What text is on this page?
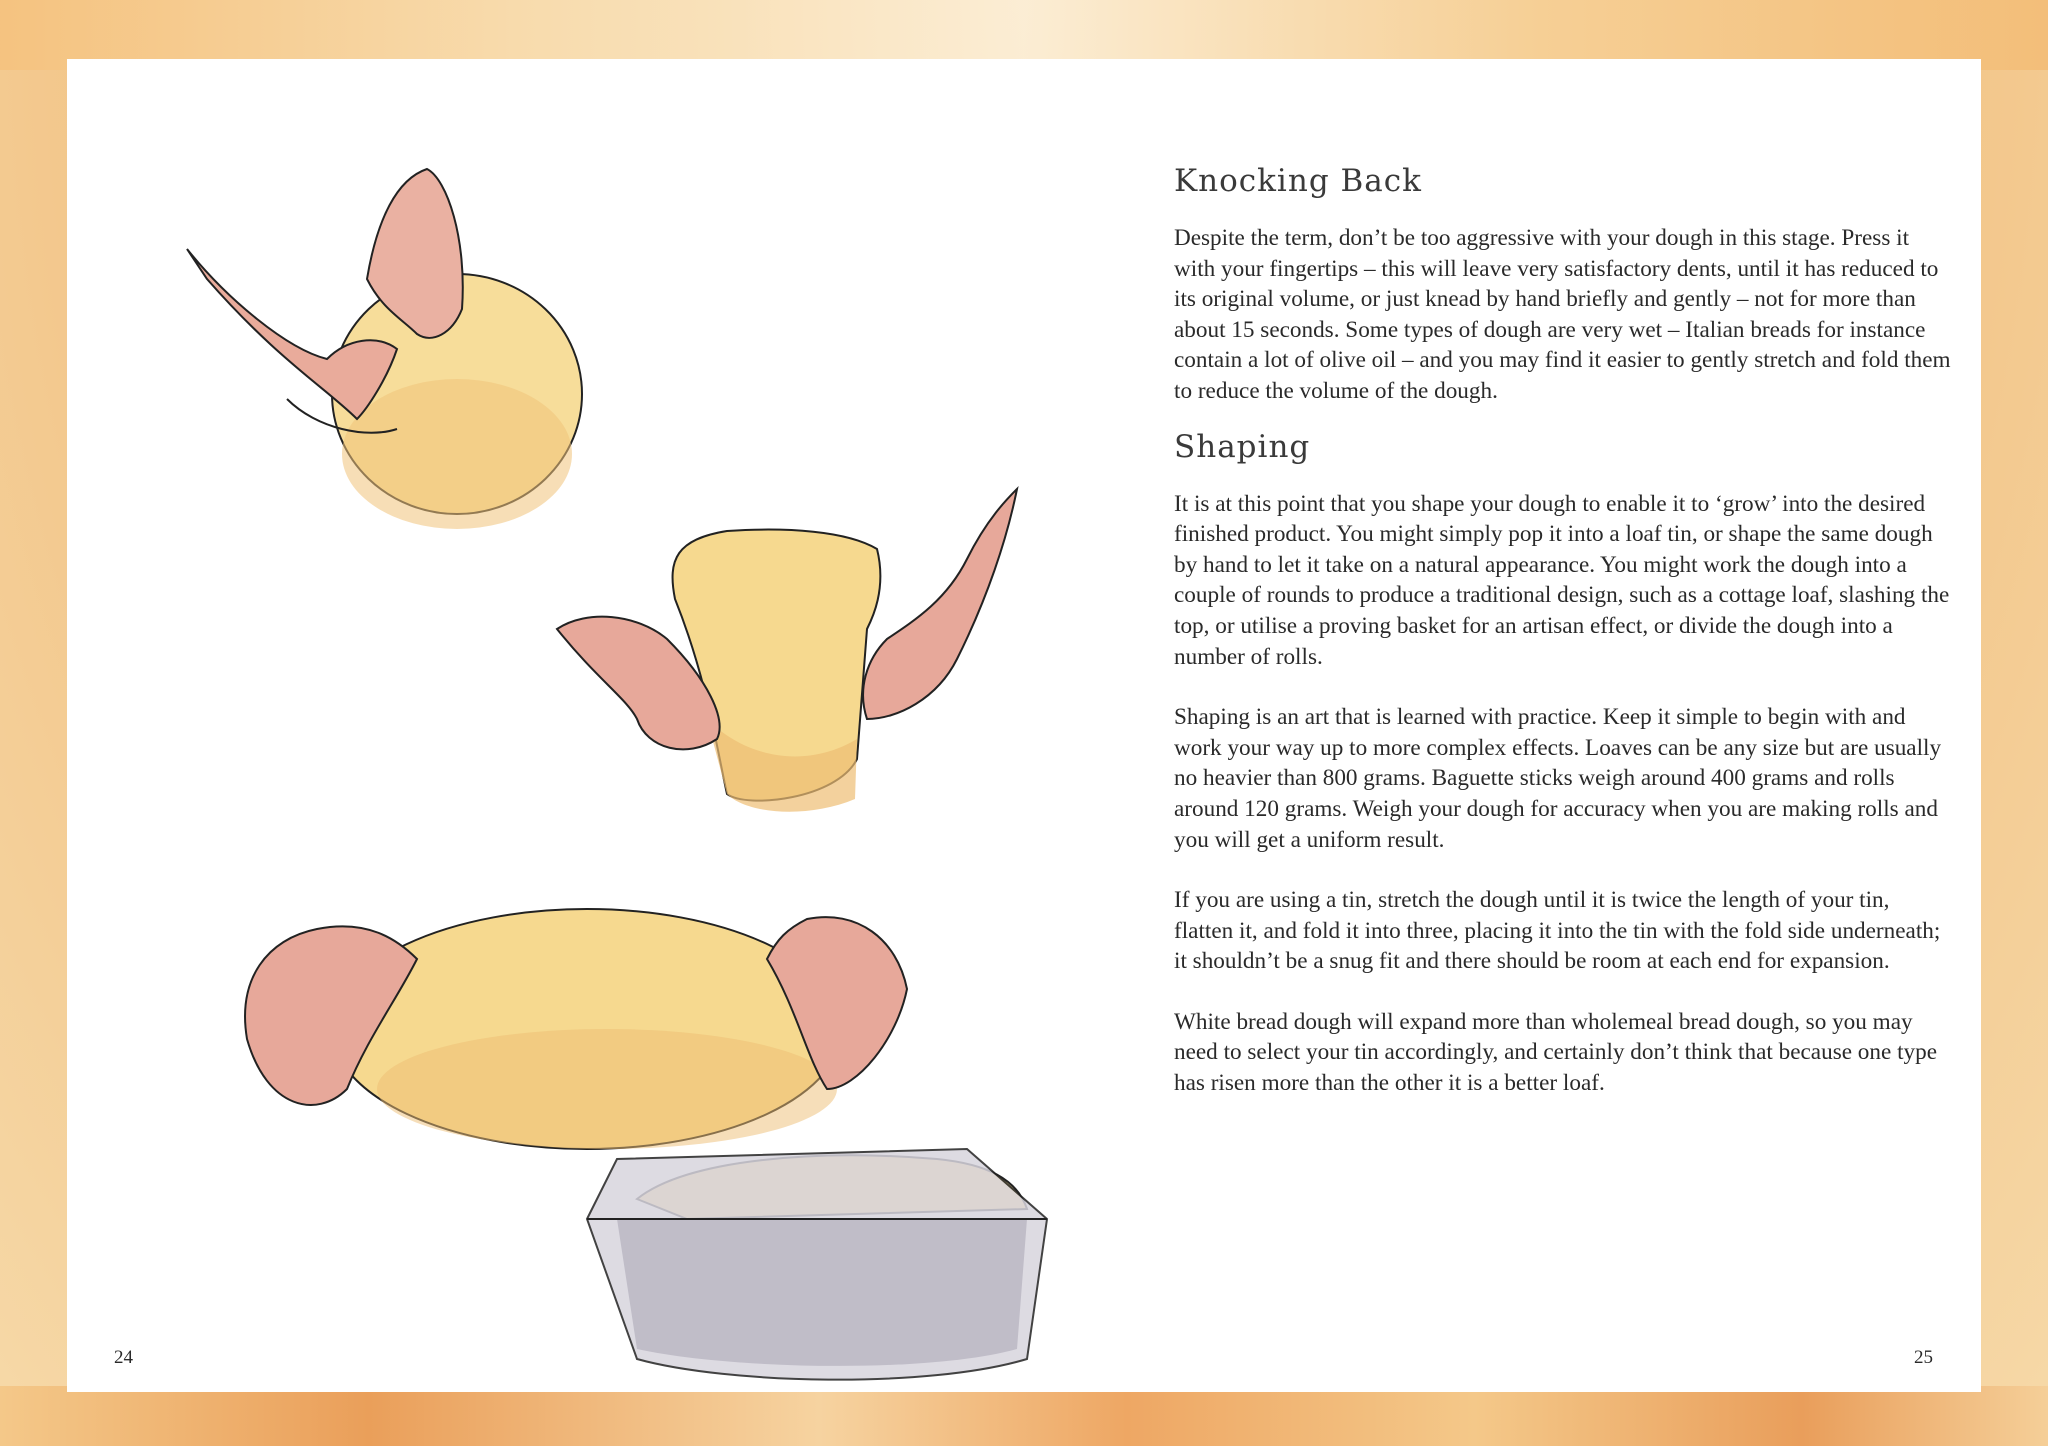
24
Knocking Back

Despite the term, don’t be too aggressive with your dough in this stage. Press it with your fingertips – this will leave very satisfactory dents, until it has reduced to its original volume, or just knead by hand briefly and gently – not for more than about 15 seconds. Some types of dough are very wet – Italian breads for instance contain a lot of olive oil – and you may find it easier to gently stretch and fold them to reduce the volume of the dough.

Shaping

It is at this point that you shape your dough to enable it to ‘grow’ into the desired finished product. You might simply pop it into a loaf tin, or shape the same dough by hand to let it take on a natural appearance. You might work the dough into a couple of rounds to produce a traditional design, such as a cottage loaf, slashing the top, or utilise a proving basket for an artisan effect, or divide the dough into a number of rolls.

Shaping is an art that is learned with practice. Keep it simple to begin with and work your way up to more complex effects. Loaves can be any size but are usually no heavier than 800 grams. Baguette sticks weigh around 400 grams and rolls around 120 grams. Weigh your dough for accuracy when you are making rolls and you will get a uniform result.

If you are using a tin, stretch the dough until it is twice the length of your tin, flatten it, and fold it into three, placing it into the tin with the fold side underneath; it shouldn’t be a snug fit and there should be room at each end for expansion.

White bread dough will expand more than wholemeal bread dough, so you may need to select your tin accordingly, and certainly don’t think that because one type has risen more than the other it is a better loaf.

25
